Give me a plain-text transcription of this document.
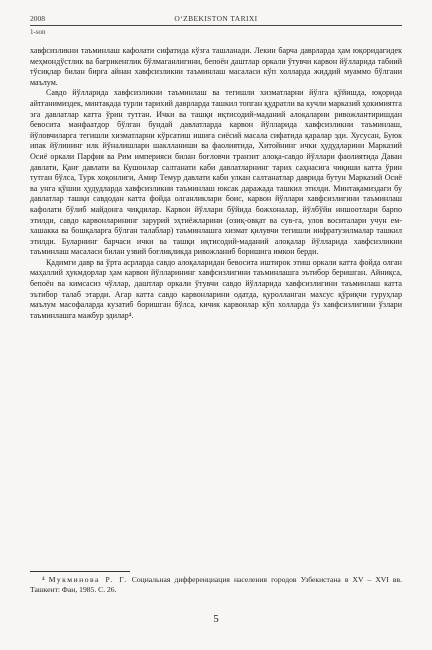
2008	O‘ZBEKISTON TARIXI
1-son

хавфсизликни таъминлаш кафолати сифатида кўзга ташланади. Лекин барча даврларда ҳам юқоридагидек меҳмондўстлик ва бағрикенглик бўлмаганлигини, бепоён даштлар оркали ўтувчи карвон йўлларида табиий тўсиқлар билан бирга айнан хавфсизликни таъминлаш масаласи кўп холларда жиддий муаммо бўлгани маълум.

Савдо йўлларида хавфсизликни таъминлаш ва тегишли хизматларни йўлга қўйишда, юқорида айтганимиздек, минтақада турли тарихий даврларда ташкил топган қудратли ва кучли марказий ҳокимиятга эга давлатлар катта ўрин тутган. Ички ва ташқи иқтисодий-маданий алоқаларни ривожлантиришдан бевосита манфаатдор бўлган бундай давлатларда карвон йўлларида хавфсизликни таъминлаш, йўловчиларга тегишли хизматларни кўрсатиш ишига сиёсий масала сифатида қаралар эди. Хусусан, Буюк ипак йўлининг илк йўналишлари шаклланиши ва фаолиятида, Хитойнинг ички ҳудудларини Марказий Осиё оркали Парфия ва Рим империяси билан боғловчи транзит алоқа-савдо йўллари фаолиятида Даван давлати, Қанғ давлати ва Кушонлар салтанати каби давлатларнинг тарих саҳнасига чиқиши катта ўрин тутган бўлса, Турк хоқонлиги, Амир Темур давлати каби улкан салтанатлар даврида бутун Марказий Осиё ва унга қўшни ҳудудларда хавфсизликни таъминлаш юксак даражада ташкил этилди. Минтақамиздаги бу давлатлар ташқи савдодан катта фойда олганликлари боис, карвон йўллари хавфсизлигини таъминлаш кафолати бўлиб майдонга чиқдилар. Карвон йўллари бўйида божхоналар, йўлбўйи иншоотлари барпо этилди, савдо карвонларининг зарурий эҳтиёжларини (озиқ-овқат ва сув-га, улов воситалари учун ем-хашакка ва бошқаларга бўлган талаблар) таъминлашга хизмат қилувчи тегишли инфратузилмалар ташкил этилди. Буларнинг барчаси ички ва ташқи иқтисодий-маданий алоқалар йўлларида хавфсизликни таъминлаш масаласи билан узвий боғлиқликда ривожланиб боришига имкон берди.

Қадимги давр ва ўрта асрларда савдо алоқаларидан бевосита иштирок этиш оркали катта фойда олган маҳаллий ҳукмдорлар ҳам карвон йўлларининг хавфсизлигини таъминлашга эътибор беришган. Айниқса, бепоён ва кимсасиз чўллар, даштлар оркали ўтувчи савдо йўлларида хавфсизлигини таъминлаш катта эътибор талаб этарди. Агар катта савдо карвонларини одатда, қуролланган махсус қўриқчи гуруҳлар маълум масофаларда кузатиб боришган бўлса, кичик карвонлар кўп холларда ўз хавфсизлигини ўзлари таъминлашга мажбур эдилар⁴.

⁴ Мукминова Р. Г. Социальная дифференциация населения городов Узбекистана в XV – XVI вв. Ташкент: Фан, 1985. С. 26.
5
